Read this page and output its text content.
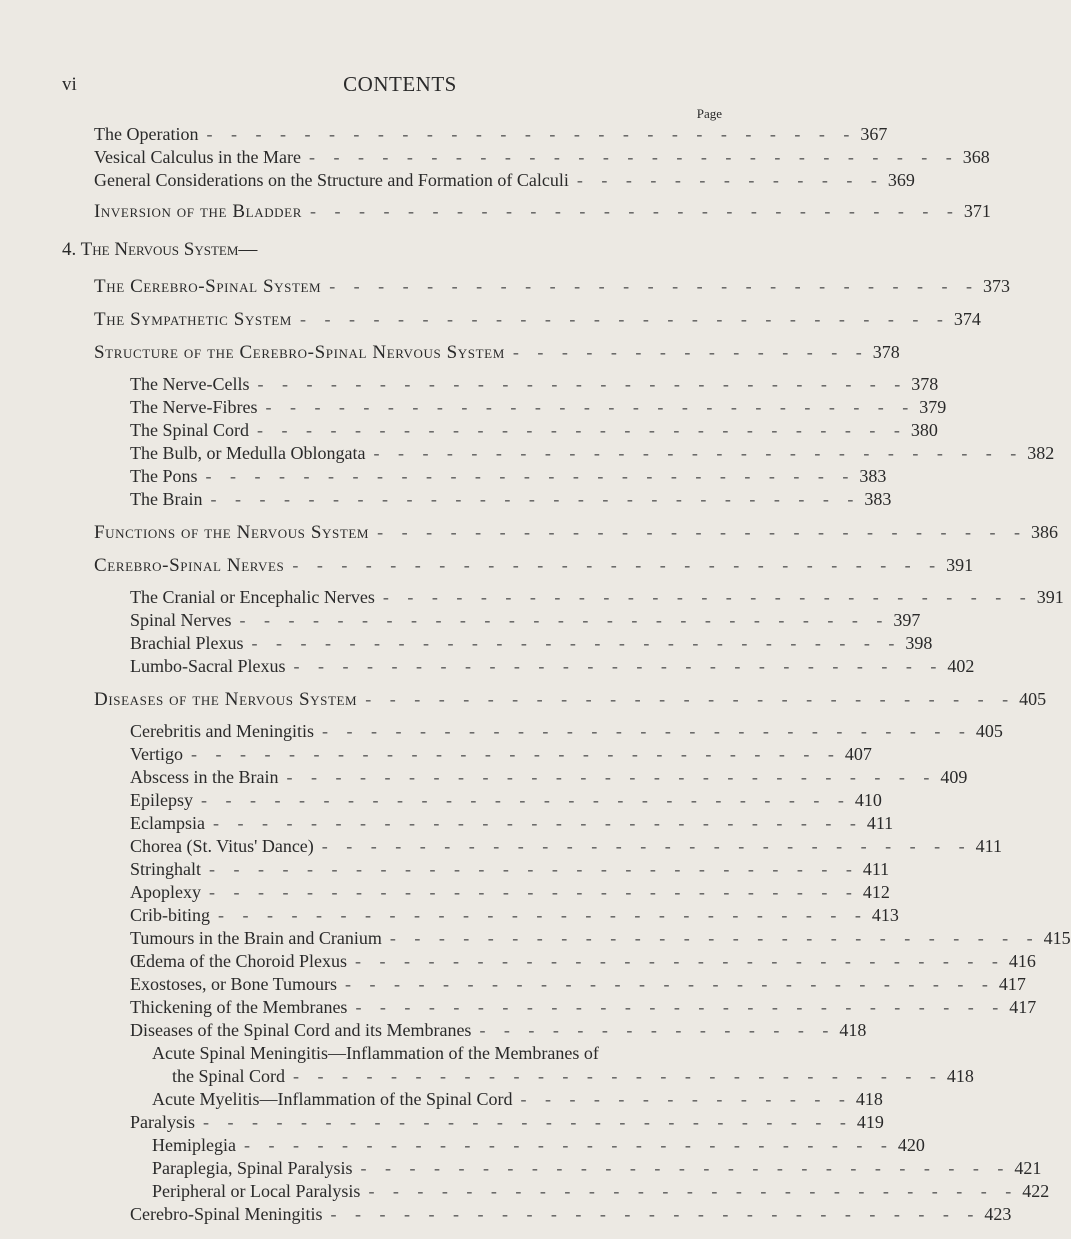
vi	CONTENTS
Page
The Operation - - - - - - - - - - - - - - - - - - - - - - - - - - - 367
Vesical Calculus in the Mare - - - - - - - - - - - - - - - - - - - - - - - - - - - 368
General Considerations on the Structure and Formation of Calculi - - - - - - - - - - - - - 369
Inversion of the Bladder - - - - - - - - - - - - - - - - - - - - - - - - - - - 371
4. The Nervous System—
The Cerebro-Spinal System - - - - - - - - - - - - - - - - - - - - - - - - - - - 373
The Sympathetic System - - - - - - - - - - - - - - - - - - - - - - - - - - - 374
Structure of the Cerebro-Spinal Nervous System - - - - - - - - - - - - - - - 378
The Nerve-Cells - - - - - - - - - - - - - - - - - - - - - - - - - - - 378
The Nerve-Fibres - - - - - - - - - - - - - - - - - - - - - - - - - - - 379
The Spinal Cord - - - - - - - - - - - - - - - - - - - - - - - - - - - 380
The Bulb, or Medulla Oblongata - - - - - - - - - - - - - - - - - - - - - - - - - - - 382
The Pons - - - - - - - - - - - - - - - - - - - - - - - - - - - 383
The Brain - - - - - - - - - - - - - - - - - - - - - - - - - - - 383
Functions of the Nervous System - - - - - - - - - - - - - - - - - - - - - - - - - - - 386
Cerebro-Spinal Nerves - - - - - - - - - - - - - - - - - - - - - - - - - - - 391
The Cranial or Encephalic Nerves - - - - - - - - - - - - - - - - - - - - - - - - - - - 391
Spinal Nerves - - - - - - - - - - - - - - - - - - - - - - - - - - - 397
Brachial Plexus - - - - - - - - - - - - - - - - - - - - - - - - - - - 398
Lumbo-Sacral Plexus - - - - - - - - - - - - - - - - - - - - - - - - - - - 402
Diseases of the Nervous System - - - - - - - - - - - - - - - - - - - - - - - - - - - 405
Cerebritis and Meningitis - - - - - - - - - - - - - - - - - - - - - - - - - - - 405
Vertigo - - - - - - - - - - - - - - - - - - - - - - - - - - - 407
Abscess in the Brain - - - - - - - - - - - - - - - - - - - - - - - - - - - 409
Epilepsy - - - - - - - - - - - - - - - - - - - - - - - - - - - 410
Eclampsia - - - - - - - - - - - - - - - - - - - - - - - - - - - 411
Chorea (St. Vitus' Dance) - - - - - - - - - - - - - - - - - - - - - - - - - - - 411
Stringhalt - - - - - - - - - - - - - - - - - - - - - - - - - - - 411
Apoplexy - - - - - - - - - - - - - - - - - - - - - - - - - - - 412
Crib-biting - - - - - - - - - - - - - - - - - - - - - - - - - - - 413
Tumours in the Brain and Cranium - - - - - - - - - - - - - - - - - - - - - - - - - - - 415
Œdema of the Choroid Plexus - - - - - - - - - - - - - - - - - - - - - - - - - - - 416
Exostoses, or Bone Tumours - - - - - - - - - - - - - - - - - - - - - - - - - - - 417
Thickening of the Membranes - - - - - - - - - - - - - - - - - - - - - - - - - - - 417
Diseases of the Spinal Cord and its Membranes - - - - - - - - - - - - - - - 418
Acute Spinal Meningitis—Inflammation of the Membranes of
the Spinal Cord - - - - - - - - - - - - - - - - - - - - - - - - - - - 418
Acute Myelitis—Inflammation of the Spinal Cord - - - - - - - - - - - - - - 418
Paralysis - - - - - - - - - - - - - - - - - - - - - - - - - - - 419
Hemiplegia - - - - - - - - - - - - - - - - - - - - - - - - - - - 420
Paraplegia, Spinal Paralysis - - - - - - - - - - - - - - - - - - - - - - - - - - - 421
Peripheral or Local Paralysis - - - - - - - - - - - - - - - - - - - - - - - - - - - 422
Cerebro-Spinal Meningitis - - - - - - - - - - - - - - - - - - - - - - - - - - - 423
